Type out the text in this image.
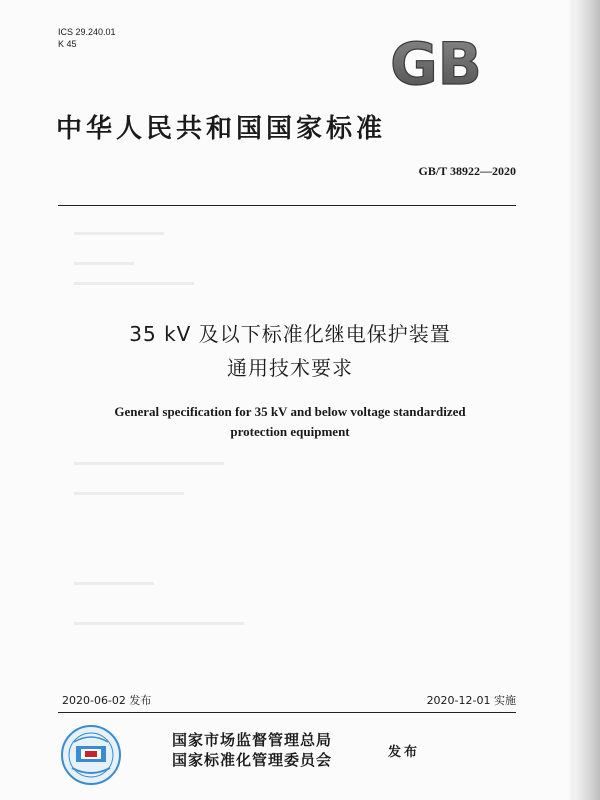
ICS 29.240.01
K 45	GB
中华人民共和国国家标准
GB/T 38922—2020
35 kV 及以下标准化继电保护装置
通用技术要求
General specification for 35 kV and below voltage standardized
protection equipment
2020-06-02 发布	2020-12-01 实施
国家市场监督管理总局
国家标准化管理委员会	发布
